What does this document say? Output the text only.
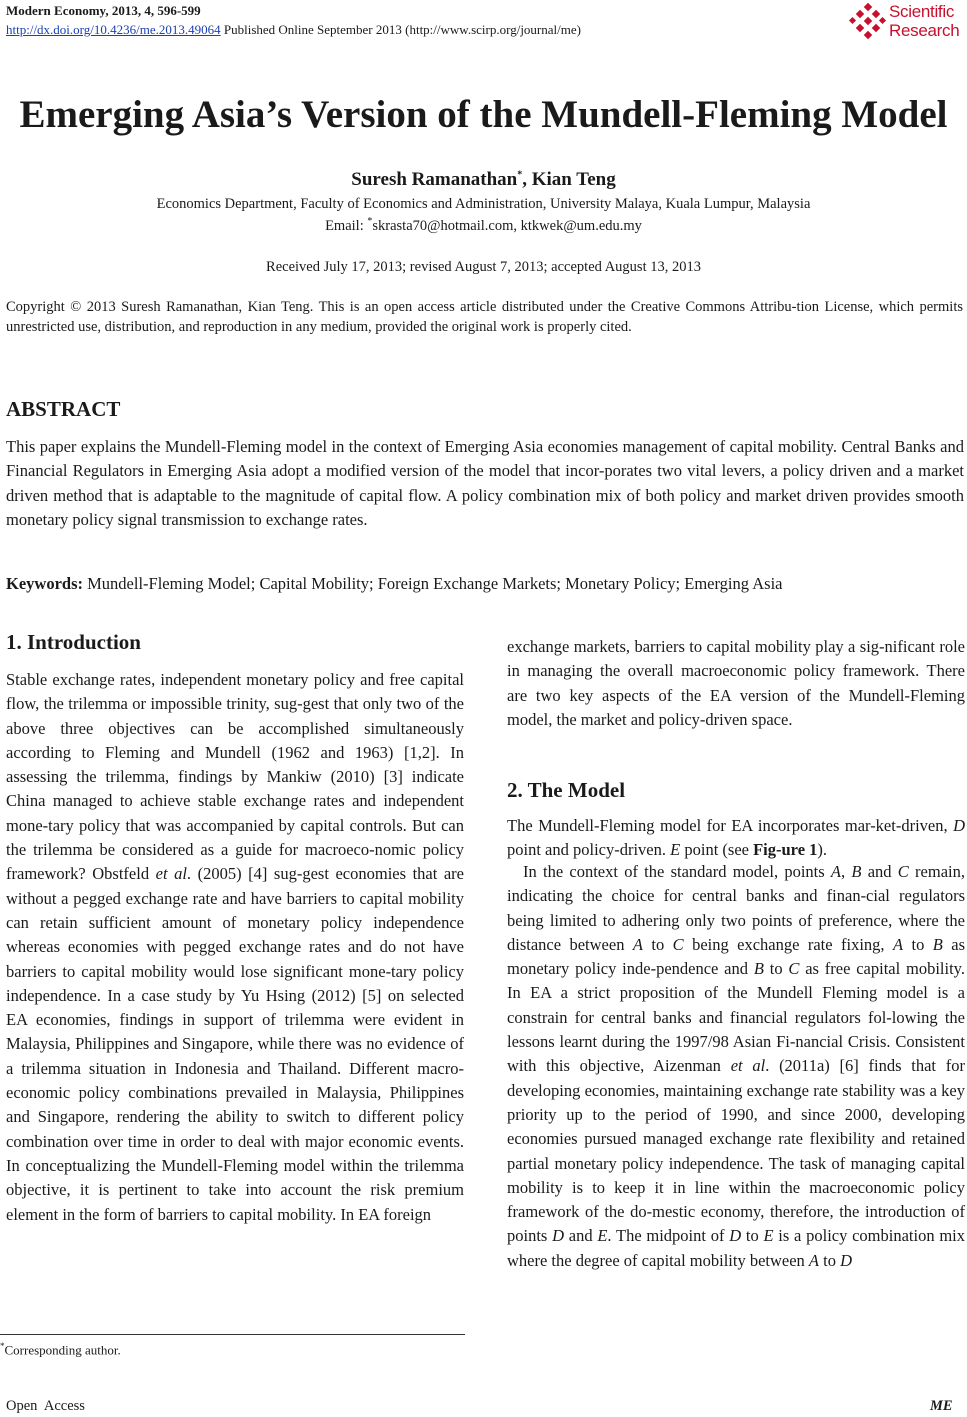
Modern Economy, 2013, 4, 596-599
http://dx.doi.org/10.4236/me.2013.49064 Published Online September 2013 (http://www.scirp.org/journal/me)
Scientific
Research
Emerging Asia’s Version of the Mundell-Fleming Model
Suresh Ramanathan*, Kian Teng
Economics Department, Faculty of Economics and Administration, University Malaya, Kuala Lumpur, Malaysia
Email: *skrasta70@hotmail.com, ktkwek@um.edu.my
Received July 17, 2013; revised August 7, 2013; accepted August 13, 2013
Copyright © 2013 Suresh Ramanathan, Kian Teng. This is an open access article distributed under the Creative Commons Attribu-tion License, which permits unrestricted use, distribution, and reproduction in any medium, provided the original work is properly cited.
ABSTRACT
This paper explains the Mundell-Fleming model in the context of Emerging Asia economies management of capital mobility. Central Banks and Financial Regulators in Emerging Asia adopt a modified version of the model that incor-porates two vital levers, a policy driven and a market driven method that is adaptable to the magnitude of capital flow. A policy combination mix of both policy and market driven provides smooth monetary policy signal transmission to exchange rates.
Keywords: Mundell-Fleming Model; Capital Mobility; Foreign Exchange Markets; Monetary Policy; Emerging Asia
1. Introduction
Stable exchange rates, independent monetary policy and free capital flow, the trilemma or impossible trinity, sug-gest that only two of the above three objectives can be accomplished simultaneously according to Fleming and Mundell (1962 and 1963) [1,2]. In assessing the trilemma, findings by Mankiw (2010) [3] indicate China managed to achieve stable exchange rates and independent mone-tary policy that was accompanied by capital controls. But can the trilemma be considered as a guide for macroeco-nomic policy framework? Obstfeld et al. (2005) [4] sug-gest economies that are without a pegged exchange rate and have barriers to capital mobility can retain sufficient amount of monetary policy independence whereas economies with pegged exchange rates and do not have barriers to capital mobility would lose significant mone-tary policy independence. In a case study by Yu Hsing (2012) [5] on selected EA economies, findings in support of trilemma were evident in Malaysia, Philippines and Singapore, while there was no evidence of a trilemma situation in Indonesia and Thailand. Different macro-economic policy combinations prevailed in Malaysia, Philippines and Singapore, rendering the ability to switch to different policy combination over time in order to deal with major economic events. In conceptualizing the Mundell-Fleming model within the trilemma objective, it is pertinent to take into account the risk premium element in the form of barriers to capital mobility. In EA foreign
exchange markets, barriers to capital mobility play a sig-nificant role in managing the overall macroeconomic policy framework. There are two key aspects of the EA version of the Mundell-Fleming model, the market and policy-driven space.
2. The Model
The Mundell-Fleming model for EA incorporates mar-ket-driven, D point and policy-driven. E point (see Fig-ure 1).
In the context of the standard model, points A, B and C remain, indicating the choice for central banks and finan-cial regulators being limited to adhering only two points of preference, where the distance between A to C being exchange rate fixing, A to B as monetary policy inde-pendence and B to C as free capital mobility. In EA a strict proposition of the Mundell Fleming model is a constrain for central banks and financial regulators fol-lowing the lessons learnt during the 1997/98 Asian Fi-nancial Crisis. Consistent with this objective, Aizenman et al. (2011a) [6] finds that for developing economies, maintaining exchange rate stability was a key priority up to the period of 1990, and since 2000, developing economies pursued managed exchange rate flexibility and retained partial monetary policy independence. The task of managing capital mobility is to keep it in line within the macroeconomic policy framework of the do-mestic economy, therefore, the introduction of points D and E. The midpoint of D to E is a policy combination mix where the degree of capital mobility between A to D
*Corresponding author.
Open  Access	ME
